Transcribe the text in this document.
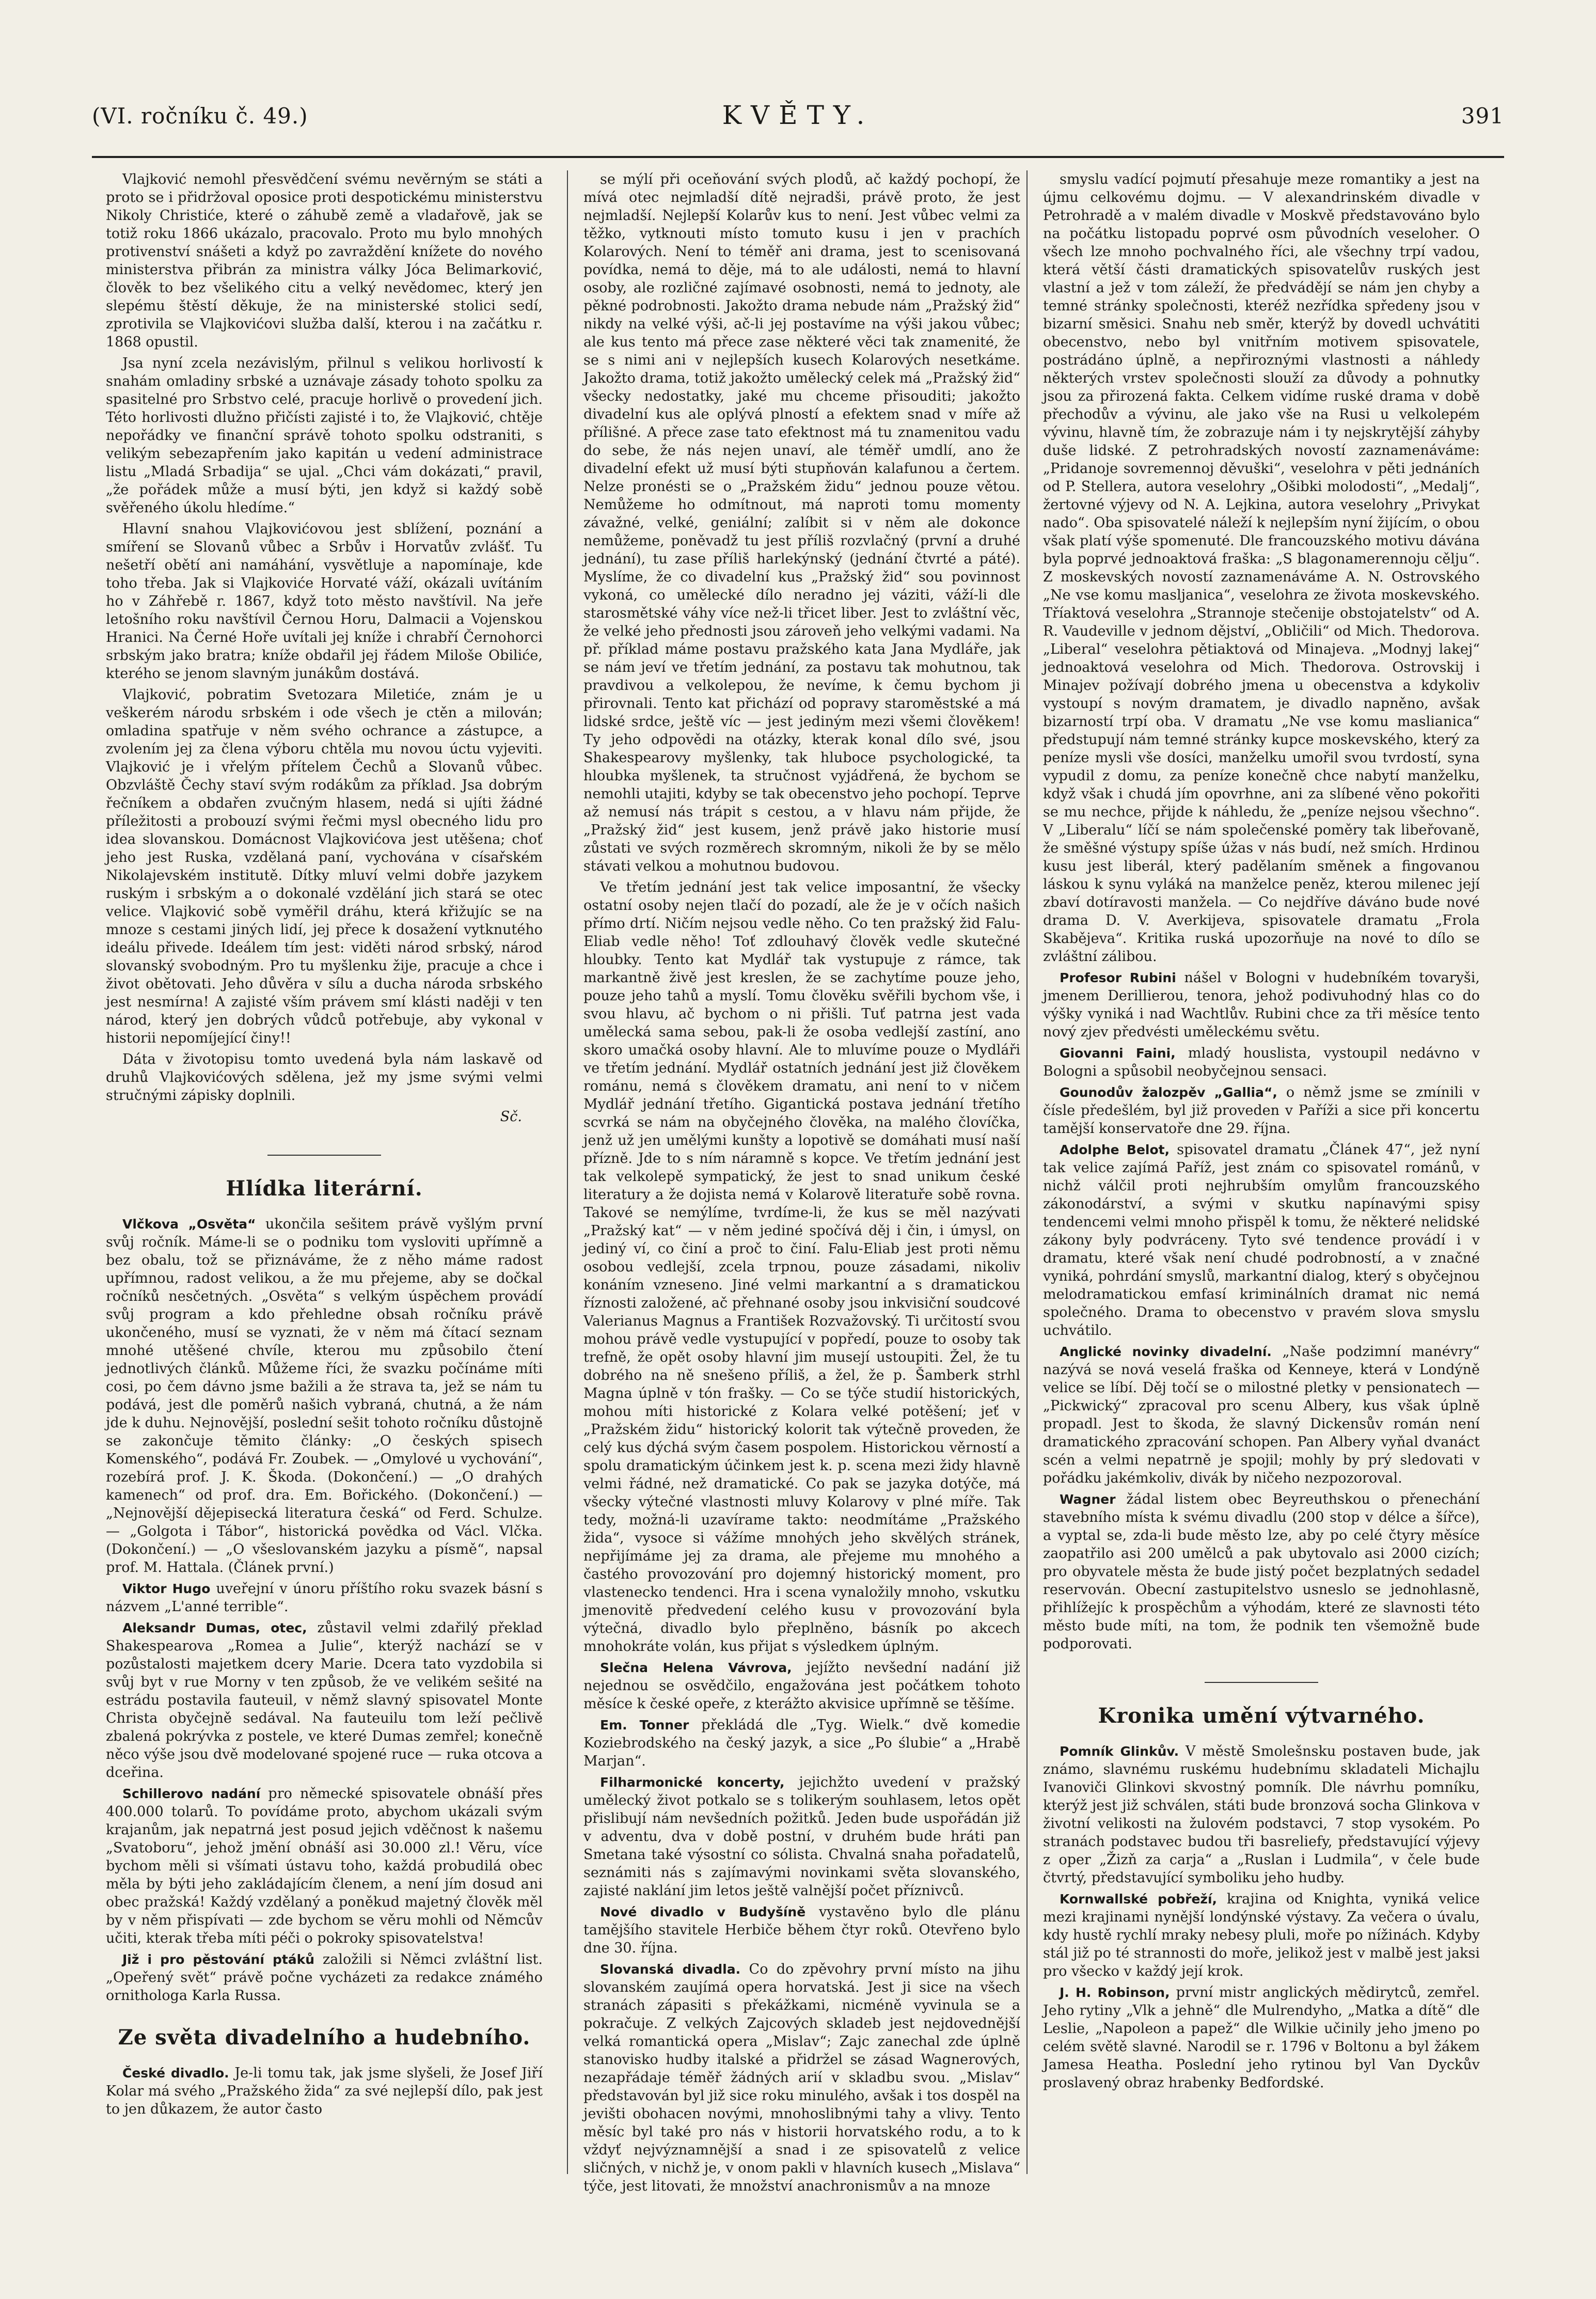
(VI. ročníku č. 49.)	KVĚTY.	391

Vlajković nemohl přesvědčení svému nevěrným se státi a proto se i přidržoval oposice proti despotickému ministerstvu Nikoly Christiće, které o záhubě země a vladařově, jak se totiž roku 1866 ukázalo, pracovalo. Proto mu bylo mnohých protivenství snášeti a když po zavraždění knížete do nového ministerstva přibrán za ministra války Jóca Belimarković, člověk to bez všelikého citu a velký nevědomec, který jen slepému štěstí děkuje, že na ministerské stolici sedí, zprotivila se Vlajkovićovi služba další, kterou i na začátku r. 1868 opustil.

Jsa nyní zcela nezávislým, přilnul s velikou horlivostí k snahám omladiny srbské a uznávaje zásady tohoto spolku za spasitelné pro Srbstvo celé, pracuje horlivě o provedení jich. Této horlivosti dlužno přičísti zajisté i to, že Vlajković, chtěje nepořádky ve finanční správě tohoto spolku odstraniti, s velikým sebezapřením jako kapitán u vedení administrace listu „Mladá Srbadija“ se ujal. „Chci vám dokázati,“ pravil, „že pořádek může a musí býti, jen když si každý sobě svěřeného úkolu hledíme.“

Hlavní snahou Vlajkovićovou jest sblížení, poznání a smíření se Slovanů vůbec a Srbův i Horvatův zvlášť. Tu nešetří obětí ani namáhání, vysvětluje a napomínaje, kde toho třeba. Jak si Vlajkoviće Horvaté váží, okázali uvítáním ho v Záhřebě r. 1867, když toto město navštívil. Na jeře letošního roku navštívil Černou Horu, Dalmacii a Vojenskou Hranici. Na Černé Hoře uvítali jej kníže i chrabří Černohorci srbským jako bratra; kníže obdařil jej řádem Miloše Obiliće, kterého se jenom slavným junákům dostává.

Vlajković, pobratim Svetozara Miletiće, znám je u veškerém národu srbském i ode všech je ctěn a milován; omladina spatřuje v něm svého ochrance a zástupce, a zvolením jej za člena výboru chtěla mu novou úctu vyjeviti. Vlajković je i vřelým přítelem Čechů a Slovanů vůbec. Obzvláště Čechy staví svým rodákům za příklad. Jsa dobrým řečníkem a obdařen zvučným hlasem, nedá si ujíti žádné příležitosti a probouzí svými řečmi mysl obecného lidu pro idea slovanskou. Domácnost Vlajkovićova jest utěšena; choť jeho jest Ruska, vzdělaná paní, vychována v císařském Nikolajevském institutě. Dítky mluví velmi dobře jazykem ruským i srbským a o dokonalé vzdělání jich stará se otec velice. Vlajković sobě vyměřil dráhu, která křižujíc se na mnoze s cestami jiných lidí, jej přece k dosažení vytknutého ideálu přivede. Ideálem tím jest: viděti národ srbský, národ slovanský svobodným. Pro tu myšlenku žije, pracuje a chce i život obětovati. Jeho důvěra v sílu a ducha národa srbského jest nesmírna! A zajisté vším právem smí klásti naději v ten národ, který jen dobrých vůdců potřebuje, aby vykonal v historii nepomíjející činy!!

Dáta v životopisu tomto uvedená byla nám laskavě od druhů Vlajkovićových sdělena, jež my jsme svými velmi stručnými zápisky doplnili.

Sč.

Hlídka literární.

Vlčkova „Osvěta“ ukončila sešitem právě vyšlým první svůj ročník. Máme-li se o podniku tom vysloviti upřímně a bez obalu, tož se přiznáváme, že z něho máme radost upřímnou, radost velikou, a že mu přejeme, aby se dočkal ročníků nesčetných. „Osvěta“ s velkým úspěchem provádí svůj program a kdo přehledne obsah ročníku právě ukončeného, musí se vyznati, že v něm má čítací seznam mnohé utěšené chvíle, kterou mu způsobilo čtení jednotlivých článků. Můžeme říci, že svazku počínáme míti cosi, po čem dávno jsme bažili a že strava ta, jež se nám tu podává, jest dle poměrů našich vybraná, chutná, a že nám jde k duhu. Nejnovější, poslední sešit tohoto ročníku důstojně se zakončuje těmito články: „O českých spisech Komenského“, podává Fr. Zoubek. — „Omylové u vychování“, rozebírá prof. J. K. Škoda. (Dokončení.) — „O drahých kamenech“ od prof. dra. Em. Bořického. (Dokončení.) — „Nejnovější dějepisecká literatura česká“ od Ferd. Schulze. — „Golgota i Tábor“, historická povědka od Václ. Vlčka. (Dokončení.) — „O všeslovanském jazyku a písmě“, napsal prof. M. Hattala. (Článek první.)

Viktor Hugo uveřejní v únoru příštího roku svazek básní s názvem „L'anné terrible“.

Aleksandr Dumas, otec, zůstavil velmi zdařilý překlad Shakespearova „Romea a Julie“, kterýž nachází se v pozůstalosti majetkem dcery Marie. Dcera tato vyzdobila si svůj byt v rue Morny v ten způsob, že ve velikém sešité na estrádu postavila fauteuil, v němž slavný spisovatel Monte Christa obyčejně sedával. Na fauteuilu tom leží pečlivě zbalená pokrývka z postele, ve které Dumas zemřel; konečně něco výše jsou dvě modelované spojené ruce — ruka otcova a dceřina.

Schillerovo nadání pro německé spisovatele obnáší přes 400.000 tolarů. To povídáme proto, abychom ukázali svým krajanům, jak nepatrná jest posud jejich vděčnost k našemu „Svatoboru“, jehož jmění obnáší asi 30.000 zl.! Věru, více bychom měli si všímati ústavu toho, každá probudilá obec měla by býti jeho zakládajícím členem, a není jím dosud ani obec pražská! Každý vzdělaný a poněkud majetný člověk měl by v něm přispívati — zde bychom se věru mohli od Němcův učiti, kterak třeba míti péči o pokroky spisovatelstva!

Již i pro pěstování ptáků založili si Němci zvláštní list. „Opeřený svět“ právě počne vycházeti za redakce známého ornithologa Karla Russa.

Ze světa divadelního a hudebního.

České divadlo. Je-li tomu tak, jak jsme slyšeli, že Josef Jiří Kolar má svého „Pražského žida“ za své nejlepší dílo, pak jest to jen důkazem, že autor často

se mýlí při oceňování svých plodů, ač každý pochopí, že mívá otec nejmladší dítě nejradši, právě proto, že jest nejmladší. Nejlepší Kolarův kus to není. Jest vůbec velmi za těžko, vytknouti místo tomuto kusu i jen v prachích Kolarových. Není to téměř ani drama, jest to scenisovaná povídka, nemá to děje, má to ale události, nemá to hlavní osoby, ale rozličné zajímavé osobnosti, nemá to jednoty, ale pěkné podrobnosti. Jakožto drama nebude nám „Pražský žid“ nikdy na velké výši, ač-li jej postavíme na výši jakou vůbec; ale kus tento má přece zase některé věci tak znamenité, že se s nimi ani v nejlepších kusech Kolarových nesetkáme. Jakožto drama, totiž jakožto umělecký celek má „Pražský žid“ všecky nedostatky, jaké mu chceme přisouditi; jakožto divadelní kus ale oplývá plností a efektem snad v míře až přílišné. A přece zase tato efektnost má tu znamenitou vadu do sebe, že nás nejen unaví, ale téměř umdlí, ano že divadelní efekt už musí býti stupňován kalafunou a čertem. Nelze pronésti se o „Pražském židu“ jednou pouze větou. Nemůžeme ho odmítnout, má naproti tomu momenty závažné, velké, geniální; zalíbit si v něm ale dokonce nemůžeme, poněvadž tu jest příliš rozvlačný (první a druhé jednání), tu zase příliš harlekýnský (jednání čtvrté a páté). Myslíme, že co divadelní kus „Pražský žid“ sou povinnost vykoná, co umělecké dílo neradno jej váziti, váží-li dle starosmětské váhy více než-li třicet liber. Jest to zvláštní věc, že velké jeho přednosti jsou zároveň jeho velkými vadami. Na př. příklad máme postavu pražského kata Jana Mydláře, jak se nám jeví ve třetím jednání, za postavu tak mohutnou, tak pravdivou a velkolepou, že nevíme, k čemu bychom ji přirovnali. Tento kat přichází od popravy staroměstské a má lidské srdce, ještě víc — jest jediným mezi všemi člověkem! Ty jeho odpovědi na otázky, kterak konal dílo své, jsou Shakespearovy myšlenky, tak hluboce psychologické, ta hloubka myšlenek, ta stručnost vyjádřená, že bychom se nemohli utajiti, kdyby se tak obecenstvo jeho pochopí. Teprve až nemusí nás trápit s cestou, a v hlavu nám přijde, že „Pražský žid“ jest kusem, jenž právě jako historie musí zůstati ve svých rozměrech skromným, nikoli že by se mělo stávati velkou a mohutnou budovou.

Ve třetím jednání jest tak velice imposantní, že všecky ostatní osoby nejen tlačí do pozadí, ale že je v očích našich přímo drtí. Ničím nejsou vedle něho. Co ten pražský žid Falu-Eliab vedle něho! Toť zdlouhavý člověk vedle skutečné hloubky. Tento kat Mydlář tak vystupuje z rámce, tak markantně živě jest kreslen, že se zachytíme pouze jeho, pouze jeho tahů a myslí. Tomu člověku svěřili bychom vše, i svou hlavu, ač bychom o ni přišli. Tuť patrna jest vada umělecká sama sebou, pak-li že osoba vedlejší zastíní, ano skoro umačká osoby hlavní. Ale to mluvíme pouze o Mydláři ve třetím jednání. Mydlář ostatních jednání jest již člověkem románu, nemá s člověkem dramatu, ani není to v ničem Mydlář jednání třetího. Gigantická postava jednání třetího scvrká se nám na obyčejného člověka, na malého človíčka, jenž už jen umělými kunšty a lopotivě se domáhati musí naší přízně. Jde to s ním náramně s kopce. Ve třetím jednání jest tak velkolepě sympatický, že jest to snad unikum české literatury a že dojista nemá v Kolarově literatuře sobě rovna. Takové se nemýlíme, tvrdíme-li, že kus se měl nazývati „Pražský kat“ — v něm jediné spočívá děj i čin, i úmysl, on jediný ví, co činí a proč to činí. Falu-Eliab jest proti němu osobou vedlejší, zcela trpnou, pouze zásadami, nikoliv konáním vzneseno. Jiné velmi markantní a s dramatickou říznosti založené, ač přehnané osoby jsou inkvisiční soudcové Valerianus Magnus a František Rozvažovský. Ti určitostí svou mohou právě vedle vystupující v popředí, pouze to osoby tak trefně, že opět osoby hlavní jim musejí ustoupiti. Žel, že tu dobrého na ně snešeno příliš, a žel, že p. Šamberk strhl Magna úplně v tón frašky. — Co se týče studií historických, mohou míti historické z Kolara velké potěšení; jeť v „Pražském židu“ historický kolorit tak výtečně proveden, že celý kus dýchá svým časem pospolem. Historickou věrností a spolu dramatickým účinkem jest k. p. scena mezi židy hlavně velmi řádné, než dramatické. Co pak se jazyka dotýče, má všecky výtečné vlastnosti mluvy Kolarovy v plné míře. Tak tedy, možná-li uzavírame takto: neodmítáme „Pražského žida“, vysoce si vážíme mnohých jeho skvělých stránek, nepřijímáme jej za drama, ale přejeme mu mnohého a častého provozování pro dojemný historický moment, pro vlastenecko tendenci. Hra i scena vynaložily mnoho, vskutku jmenovitě předvedení celého kusu v provozování byla výtečná, divadlo bylo přeplněno, básník po akcech mnohokráte volán, kus přijat s výsledkem úplným.

Slečna Helena Vávrova, jejížto nevšední nadání již nejednou se osvědčilo, engažována jest počátkem tohoto měsíce k české opeře, z kterážto akvisice upřímně se těšíme.

Em. Tonner překládá dle „Tyg. Wielk.“ dvě komedie Koziebrodského na český jazyk, a sice „Po ślubie“ a „Hrabě Marjan“.

Filharmonické koncerty, jejichžto uvedení v pražský umělecký život potkalo se s tolikerým souhlasem, letos opět přislibují nám nevšedních požitků. Jeden bude uspořádán již v adventu, dva v době postní, v druhém bude hráti pan Smetana také výsostní co sólista. Chvalná snaha pořadatelů, seznámiti nás s zajímavými novinkami světa slovanského, zajisté naklání jim letos ještě valnější počet příznivců.

Nové divadlo v Budyšíně vystavěno bylo dle plánu tamějšího stavitele Herbiče během čtyr roků. Otevřeno bylo dne 30. října.

Slovanská divadla. Co do zpěvohry první místo na jihu slovanském zaujímá opera horvatská. Jest ji sice na všech stranách zápasiti s překážkami, nicméně vyvinula se a pokračuje. Z velkých Zajcových skladeb jest nejdovednější velká romantická opera „Mislav“; Zajc zanechal zde úplně stanovisko hudby italské a přidržel se zásad Wagnerových, nezapřádaje téměř žádných arií v skladbu svou. „Mislav“ představován byl již sice roku minulého, avšak i tos dospěl na jevišti obohacen novými, mnohoslibnými tahy a vlivy. Tento měsíc byl také pro nás v historii horvatského rodu, a to k vždyť nejvýznamnější a snad i ze spisovatelů z velice sličných, v nichž je, v onom pakli v hlavních kusech „Mislava“ týče, jest litovati, že množství anachronismův a na mnoze

smyslu vadící pojmutí přesahuje meze romantiky a jest na újmu celkovému dojmu. — V alexandrinském divadle v Petrohradě a v malém divadle v Moskvě představováno bylo na počátku listopadu poprvé osm původních veseloher. O všech lze mnoho pochvalného říci, ale všechny trpí vadou, která větší části dramatických spisovatelův ruských jest vlastní a jež v tom záleží, že předvádějí se nám jen chyby a temné stránky společnosti, kteréž nezřídka spředeny jsou v bizarní směsici. Snahu neb směr, kterýž by dovedl uchvátiti obecenstvo, nebo byl vnitřním motivem spisovatele, postrádáno úplně, a nepřiroznými vlastnosti a náhledy některých vrstev společnosti slouží za důvody a pohnutky jsou za přirozená fakta. Celkem vidíme ruské drama v době přechodův a vývinu, ale jako vše na Rusi u velkolepém vývinu, hlavně tím, že zobrazuje nám i ty nejskrytější záhyby duše lidské. Z petrohradských novostí zaznamenáváme: „Pridanoje sovremennoj děvuški“, veselohra v pěti jednáních od P. Stellera, autora veselohry „Ošibki molodosti“, „Medalj“, žertovné výjevy od N. A. Lejkina, autora veselohry „Privykat nado“. Oba spisovatelé náleží k nejlepším nyní žijícím, o obou však platí výše spomenuté. Dle francouzského motivu dávána byla poprvé jednoaktová fraška: „S blagonamerennoju cělju“. Z moskevských novostí zaznamenáváme A. N. Ostrovského „Ne vse komu masljanica“, veselohra ze života moskevského. Tříaktová veselohra „Strannoje stečenije obstojatelstv“ od A. R. Vaudeville v jednom dějství, „Obličili“ od Mich. Thedorova. „Liberal“ veselohra pětiaktová od Minajeva. „Modnyj lakej“ jednoaktová veselohra od Mich. Thedorova. Ostrovskij i Minajev požívají dobrého jmena u obecenstva a kdykoliv vystoupí s novým dramatem, je divadlo napněno, avšak bizarností trpí oba. V dramatu „Ne vse komu maslianica“ předstupují nám temné stránky kupce moskevského, který za peníze mysli vše dosíci, manželku umořil svou tvrdostí, syna vypudil z domu, za peníze konečně chce nabytí manželku, když však i chudá jím opovrhne, ani za slíbené věno pokořiti se mu nechce, přijde k náhledu, že „peníze nejsou všechno“. V „Liberalu“ líčí se nám společenské poměry tak libeřovaně, že směšné výstupy spíše úžas v nás budí, než smích. Hrdinou kusu jest liberál, který padělaním směnek a fingovanou láskou k synu vyláká na manželce peněz, kterou milenec její zbaví dotíravosti manžela. — Co nejdříve dáváno bude nové drama D. V. Averkijeva, spisovatele dramatu „Frola Skabějeva“. Kritika ruská upozorňuje na nové to dílo se zvláštní zálibou.

Profesor Rubini nášel v Bologni v hudebníkém tovaryši, jmenem Derillierou, tenora, jehož podivuhodný hlas co do výšky vyniká i nad Wachtlův. Rubini chce za tři měsíce tento nový zjev předvésti uměleckému světu.

Giovanni Faini, mladý houslista, vystoupil nedávno v Bologni a spůsobil neobyčejnou sensaci.

Gounodův žalozpěv „Gallia“, o němž jsme se zmínili v čísle předešlém, byl již proveden v Paříži a sice při koncertu tamější konservatoře dne 29. října.

Adolphe Belot, spisovatel dramatu „Článek 47“, jež nyní tak velice zajímá Paříž, jest znám co spisovatel románů, v nichž válčil proti nejhrubším omylům francouzského zákonodárství, a svými v skutku napínavými spisy tendencemi velmi mnoho přispěl k tomu, že některé nelidské zákony byly podvráceny. Tyto své tendence provádí i v dramatu, které však není chudé podrobností, a v značné vyniká, pohrdání smyslů, markantní dialog, který s obyčejnou melodramatickou emfasí kriminálních dramat nic nemá společného. Drama to obecenstvo v pravém slova smyslu uchvátilo.

Anglické novinky divadelní. „Naše podzimní manévry“ nazývá se nová veselá fraška od Kenneye, která v Londýně velice se líbí. Děj točí se o milostné pletky v pensionatech — „Pickwický“ zpracoval pro scenu Albery, kus však úplně propadl. Jest to škoda, že slavný Dickensův román není dramatického zpracování schopen. Pan Albery vyňal dvanáct scén a velmi nepatrně je spojil; mohly by prý sledovati v pořádku jakémkoliv, divák by ničeho nezpozoroval.

Wagner žádal listem obec Beyreuthskou o přenechání stavebního místa k svému divadlu (200 stop v délce a šířce), a vyptal se, zda-li bude město lze, aby po celé čtyry měsíce zaopatřilo asi 200 umělců a pak ubytovalo asi 2000 cizích; pro obyvatele města že bude jistý počet bezplatných sedadel reservován. Obecní zastupitelstvo usneslo se jednohlasně, přihlížejíc k prospěchům a výhodám, které ze slavnosti této město bude míti, na tom, že podnik ten všemožně bude podporovati.

Kronika umění výtvarného.

Pomník Glinkův. V městě Smolešnsku postaven bude, jak známo, slavnému ruskému hudebnímu skladateli Michajlu Ivanoviči Glinkovi skvostný pomník. Dle návrhu pomníku, kterýž jest již schválen, státi bude bronzová socha Glinkova v životní velikosti na žulovém podstavci, 7 stop vysokém. Po stranách podstavec budou tři basreliefy, představující výjevy z oper „Žizň za carja“ a „Ruslan i Ludmila“, v čele bude čtvrtý, představující symboliku jeho hudby.

Kornwallské pobřeží, krajina od Knighta, vyniká velice mezi krajinami nynější londýnské výstavy. Za večera o úvalu, kdy hustě rychlí mraky nebesy pluli, moře po nížinách. Kdyby stál již po té strannosti do moře, jelikož jest v malbě jest jaksi pro všecko v každý její krok.

J. H. Robinson, první mistr anglických mědirytců, zemřel. Jeho rytiny „Vlk a jehně“ dle Mulrendyho, „Matka a dítě“ dle Leslie, „Napoleon a papež“ dle Wilkie učinily jeho jmeno po celém světě slavné. Narodil se r. 1796 v Boltonu a byl žákem Jamesa Heatha. Poslední jeho rytinou byl Van Dyckův proslavený obraz hrabenky Bedfordské.
